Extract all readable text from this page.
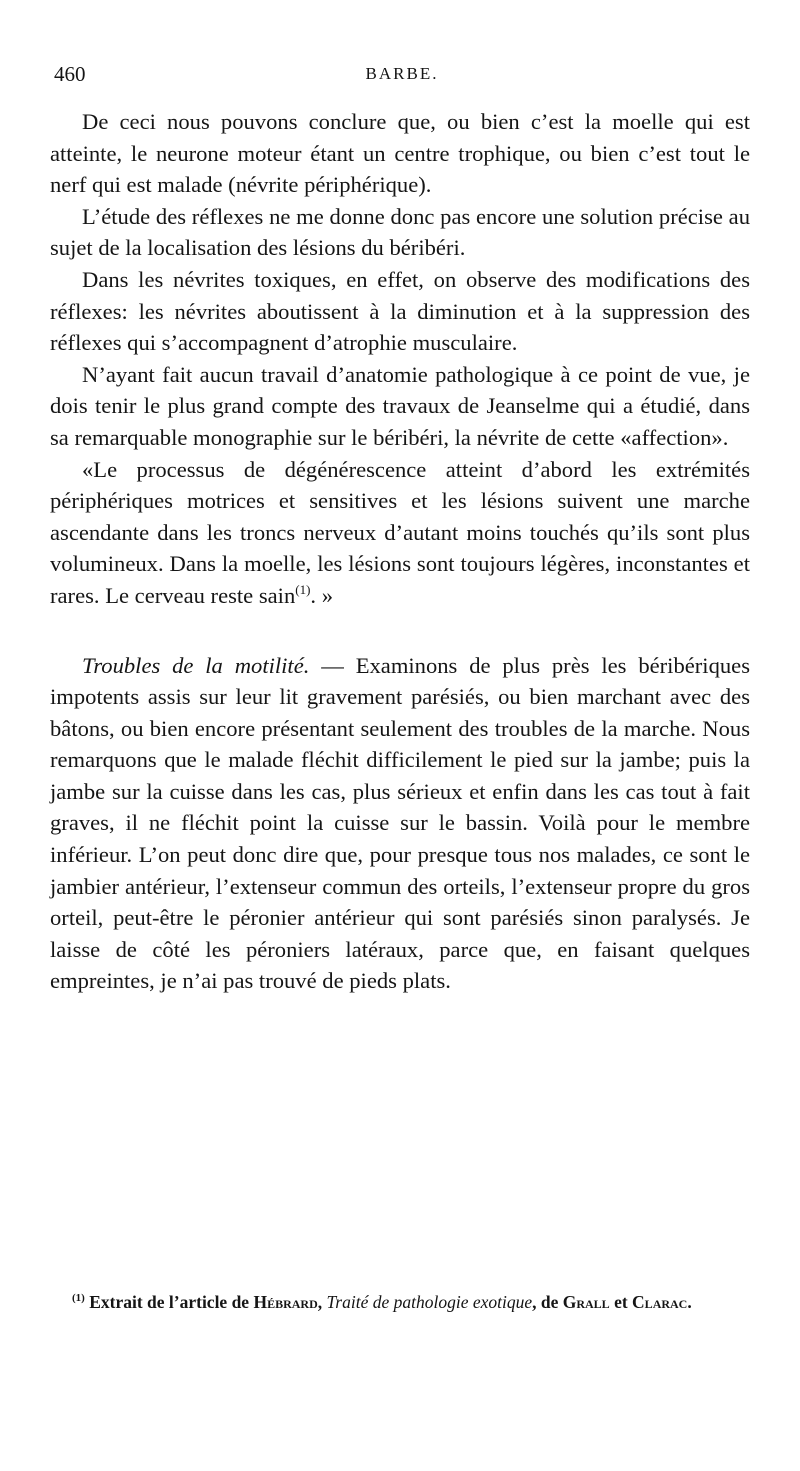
460	BARBE.

De ceci nous pouvons conclure que, ou bien c’est la moelle qui est atteinte, le neurone moteur étant un centre trophique, ou bien c’est tout le nerf qui est malade (névrite périphérique).

L’étude des réflexes ne me donne donc pas encore une solution précise au sujet de la localisation des lésions du béribéri.

Dans les névrites toxiques, en effet, on observe des modifications des réflexes: les névrites aboutissent à la diminution et à la suppression des réflexes qui s’accompagnent d’atrophie musculaire.

N’ayant fait aucun travail d’anatomie pathologique à ce point de vue, je dois tenir le plus grand compte des travaux de Jeanselme qui a étudié, dans sa remarquable monographie sur le béribéri, la névrite de cette «affection».

«Le processus de dégénérescence atteint d’abord les extrémités périphériques motrices et sensitives et les lésions suivent une marche ascendante dans les troncs nerveux d’autant moins touchés qu’ils sont plus volumineux. Dans la moelle, les lésions sont toujours légères, inconstantes et rares. Le cerveau reste sain$^{(1)}$. »

Troubles de la motilité. — Examinons de plus près les béribériques impotents assis sur leur lit gravement parésiés, ou bien marchant avec des bâtons, ou bien encore présentant seulement des troubles de la marche. Nous remarquons que le malade fléchit difficilement le pied sur la jambe; puis la jambe sur la cuisse dans les cas, plus sérieux et enfin dans les cas tout à fait graves, il ne fléchit point la cuisse sur le bassin. Voilà pour le membre inférieur. L’on peut donc dire que, pour presque tous nos malades, ce sont le jambier antérieur, l’extenseur commun des orteils, l’extenseur propre du gros orteil, peut-être le péronier antérieur qui sont parésiés sinon paralysés. Je laisse de côté les péroniers latéraux, parce que, en faisant quelques empreintes, je n’ai pas trouvé de pieds plats.

$^{(1)}$ Extrait de l’article de Hébrard, Traité de pathologie exotique, de Grall et Clarac.
